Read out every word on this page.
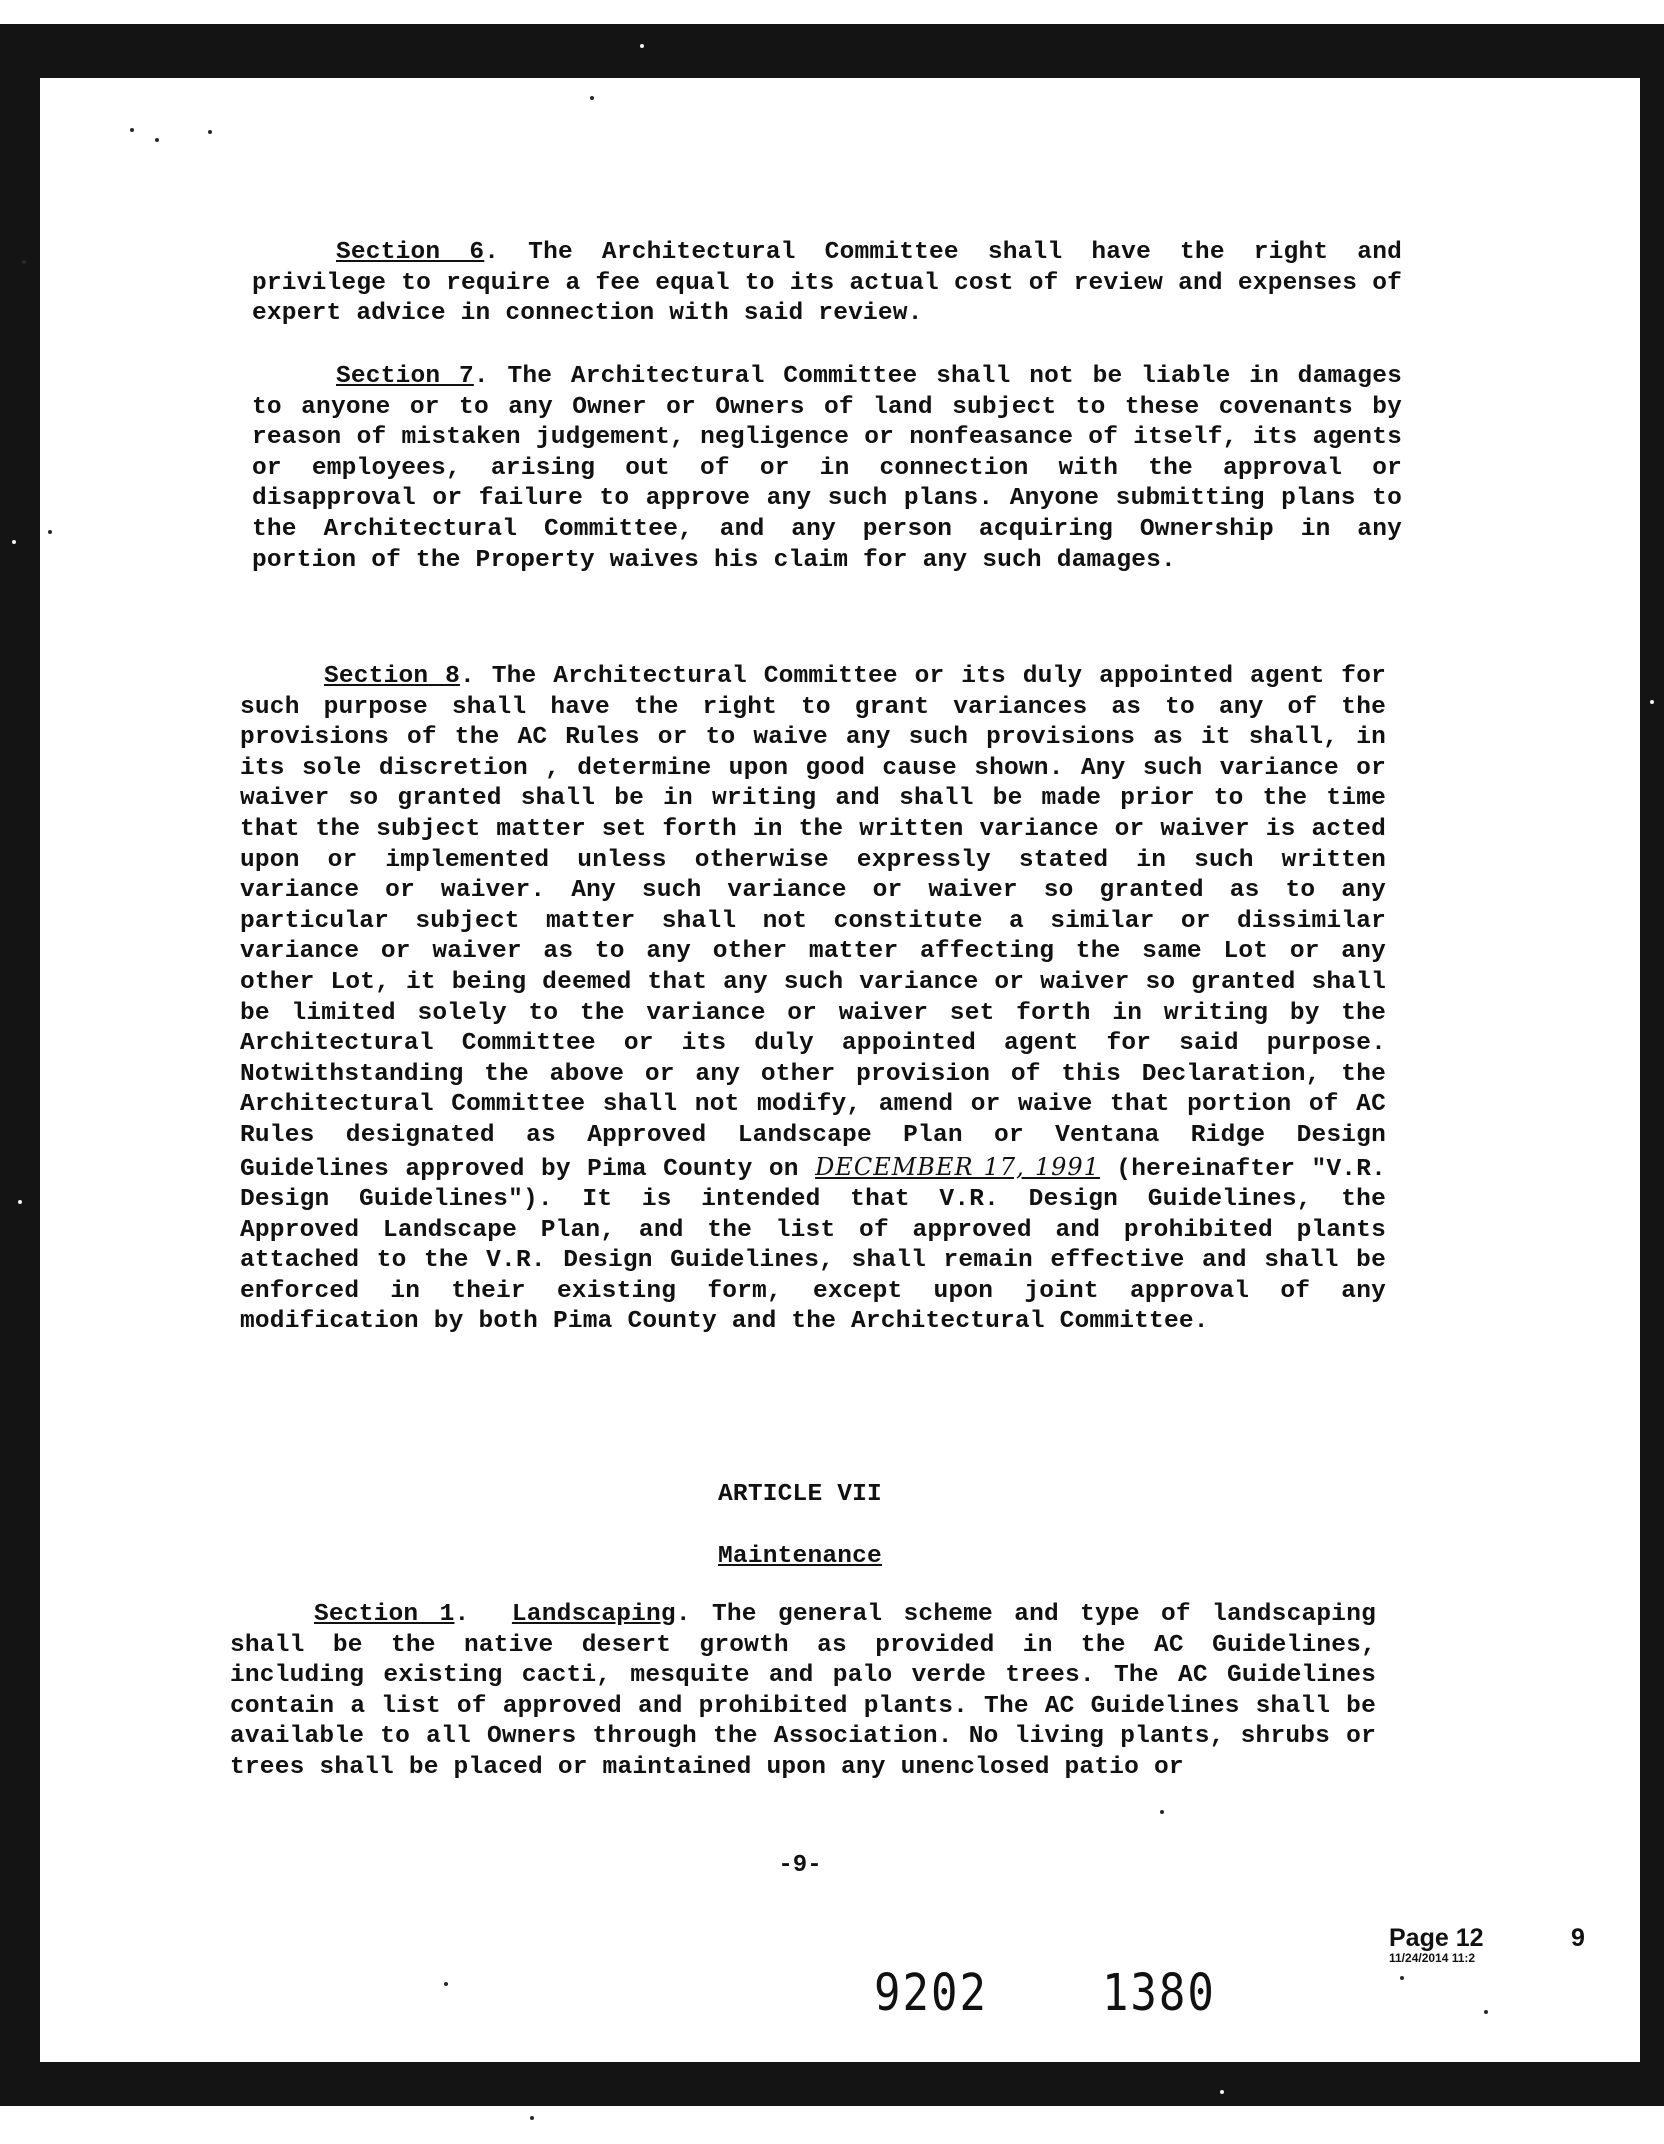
Section 6. The Architectural Committee shall have the right and privilege to require a fee equal to its actual cost of review and expenses of expert advice in connection with said review.

Section 7. The Architectural Committee shall not be liable in damages to anyone or to any Owner or Owners of land subject to these covenants by reason of mistaken judgement, negligence or nonfeasance of itself, its agents or employees, arising out of or in connection with the approval or disapproval or failure to approve any such plans. Anyone submitting plans to the Architectural Committee, and any person acquiring Ownership in any portion of the Property waives his claim for any such damages.

Section 8. The Architectural Committee or its duly appointed agent for such purpose shall have the right to grant variances as to any of the provisions of the AC Rules or to waive any such provisions as it shall, in its sole discretion , determine upon good cause shown. Any such variance or waiver so granted shall be in writing and shall be made prior to the time that the subject matter set forth in the written variance or waiver is acted upon or implemented unless otherwise expressly stated in such written variance or waiver. Any such variance or waiver so granted as to any particular subject matter shall not constitute a similar or dissimilar variance or waiver as to any other matter affecting the same Lot or any other Lot, it being deemed that any such variance or waiver so granted shall be limited solely to the variance or waiver set forth in writing by the Architectural Committee or its duly appointed agent for said purpose. Notwithstanding the above or any other provision of this Declaration, the Architectural Committee shall not modify, amend or waive that portion of AC Rules designated as Approved Landscape Plan or Ventana Ridge Design Guidelines approved by Pima County on DECEMBER 17, 1991 (hereinafter "V.R. Design Guidelines"). It is intended that V.R. Design Guidelines, the Approved Landscape Plan, and the list of approved and prohibited plants attached to the V.R. Design Guidelines, shall remain effective and shall be enforced in their existing form, except upon joint approval of any modification by both Pima County and the Architectural Committee.

ARTICLE VII
Maintenance

Section 1.  Landscaping. The general scheme and type of landscaping shall be the native desert growth as provided in the AC Guidelines, including existing cacti, mesquite and palo verde trees. The AC Guidelines contain a list of approved and prohibited plants. The AC Guidelines shall be available to all Owners through the Association. No living plants, shrubs or trees shall be placed or maintained upon any unenclosed patio or

-9-
Page 12
11/24/2014 11:2
9
9202	1380
